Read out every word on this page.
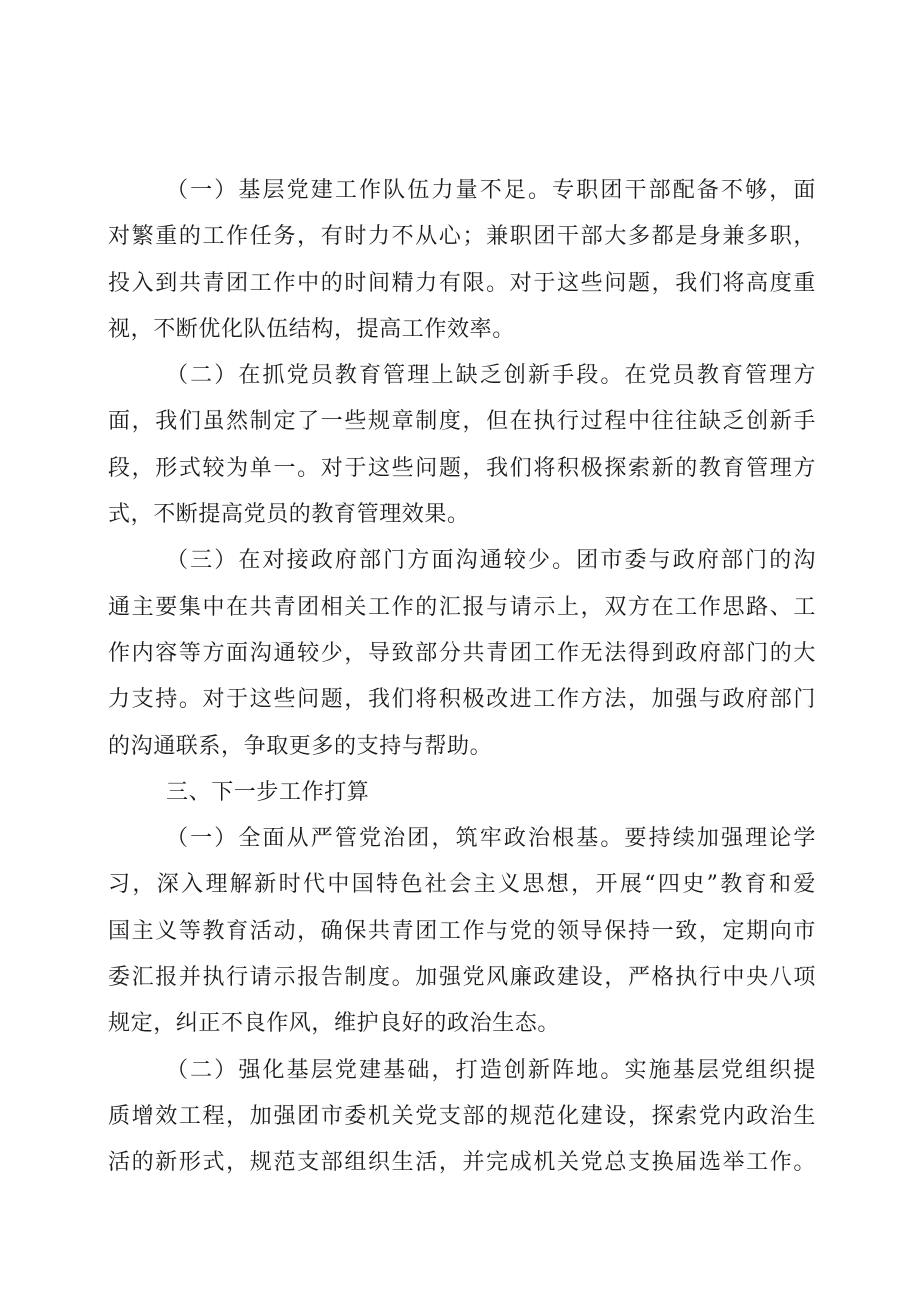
（一）基层党建工作队伍力量不足。专职团干部配备不够，面
对繁重的工作任务，有时力不从心；兼职团干部大多都是身兼多职，
投入到共青团工作中的时间精力有限。对于这些问题，我们将高度重
视，不断优化队伍结构，提高工作效率。
（二）在抓党员教育管理上缺乏创新手段。在党员教育管理方
面，我们虽然制定了一些规章制度，但在执行过程中往往缺乏创新手
段，形式较为单一。对于这些问题，我们将积极探索新的教育管理方
式，不断提高党员的教育管理效果。
（三）在对接政府部门方面沟通较少。团市委与政府部门的沟
通主要集中在共青团相关工作的汇报与请示上，双方在工作思路、工
作内容等方面沟通较少，导致部分共青团工作无法得到政府部门的大
力支持。对于这些问题，我们将积极改进工作方法，加强与政府部门
的沟通联系，争取更多的支持与帮助。
三、下一步工作打算
（一）全面从严管党治团，筑牢政治根基。要持续加强理论学
习，深入理解新时代中国特色社会主义思想，开展“四史”教育和爱
国主义等教育活动，确保共青团工作与党的领导保持一致，定期向市
委汇报并执行请示报告制度。加强党风廉政建设，严格执行中央八项
规定，纠正不良作风，维护良好的政治生态。
（二）强化基层党建基础，打造创新阵地。实施基层党组织提
质增效工程，加强团市委机关党支部的规范化建设，探索党内政治生
活的新形式，规范支部组织生活，并完成机关党总支换届选举工作。
